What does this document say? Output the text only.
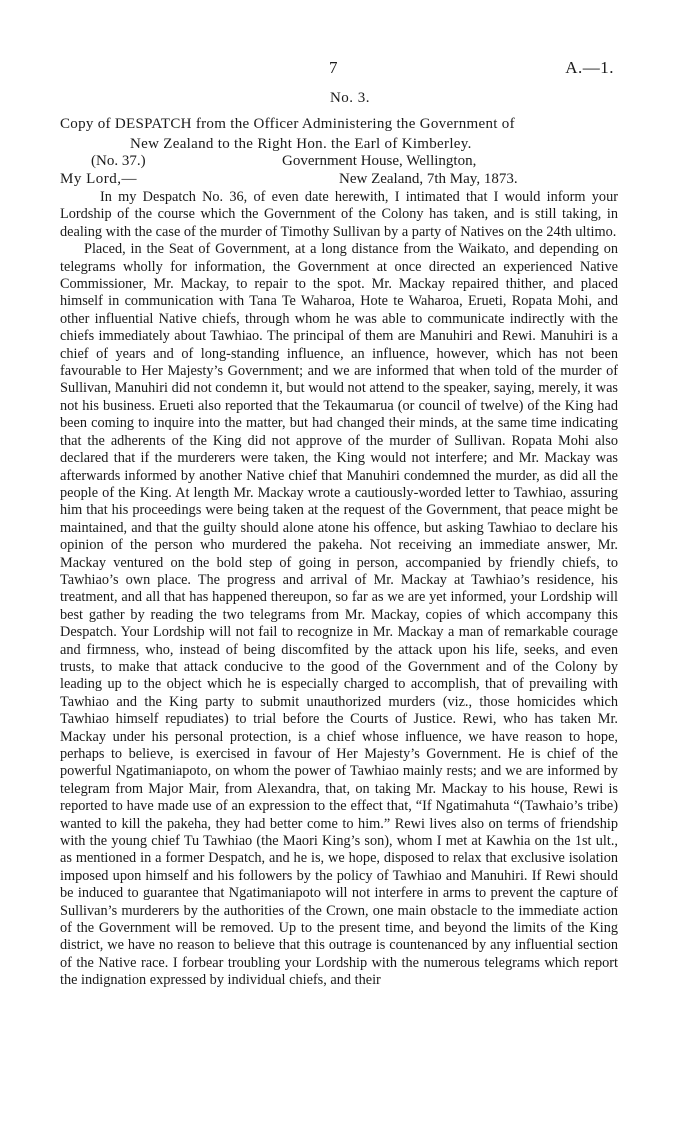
7	A.—1.
No. 3.
Copy of DESPATCH from the Officer Administering the Government of
New Zealand to the Right Hon. the Earl of Kimberley.
(No. 37.)	Government House, Wellington,
My Lord,—	New Zealand, 7th May, 1873.

In my Despatch No. 36, of even date herewith, I intimated that I would inform your Lordship of the course which the Government of the Colony has taken, and is still taking, in dealing with the case of the murder of Timothy Sullivan by a party of Natives on the 24th ultimo.

Placed, in the Seat of Government, at a long distance from the Waikato, and depending on telegrams wholly for information, the Government at once directed an experienced Native Commissioner, Mr. Mackay, to repair to the spot. Mr. Mackay repaired thither, and placed himself in communication with Tana Te Waharoa, Hote te Waharoa, Erueti, Ropata Mohi, and other influential Native chiefs, through whom he was able to communicate indirectly with the chiefs immediately about Tawhiao. The principal of them are Manuhiri and Rewi. Manuhiri is a chief of years and of long-standing influence, an influence, however, which has not been favourable to Her Majesty’s Government; and we are informed that when told of the murder of Sullivan, Manuhiri did not condemn it, but would not attend to the speaker, saying, merely, it was not his business. Erueti also reported that the Tekaumarua (or council of twelve) of the King had been coming to inquire into the matter, but had changed their minds, at the same time indicating that the adherents of the King did not approve of the murder of Sullivan. Ropata Mohi also declared that if the murderers were taken, the King would not interfere; and Mr. Mackay was afterwards informed by another Native chief that Manuhiri condemned the murder, as did all the people of the King. At length Mr. Mackay wrote a cautiously-worded letter to Tawhiao, assuring him that his proceedings were being taken at the request of the Government, that peace might be maintained, and that the guilty should alone atone his offence, but asking Tawhiao to declare his opinion of the person who murdered the pakeha. Not receiving an immediate answer, Mr. Mackay ventured on the bold step of going in person, accompanied by friendly chiefs, to Tawhiao’s own place. The progress and arrival of Mr. Mackay at Tawhiao’s residence, his treatment, and all that has happened thereupon, so far as we are yet informed, your Lordship will best gather by reading the two telegrams from Mr. Mackay, copies of which accompany this Despatch. Your Lordship will not fail to recognize in Mr. Mackay a man of remarkable courage and firmness, who, instead of being discomfited by the attack upon his life, seeks, and even trusts, to make that attack conducive to the good of the Government and of the Colony by leading up to the object which he is especially charged to accomplish, that of prevailing with Tawhiao and the King party to submit unauthorized murders (viz., those homicides which Tawhiao himself repudiates) to trial before the Courts of Justice. Rewi, who has taken Mr. Mackay under his personal protection, is a chief whose influence, we have reason to hope, perhaps to believe, is exercised in favour of Her Majesty’s Government. He is chief of the powerful Ngatimaniapoto, on whom the power of Tawhiao mainly rests; and we are informed by telegram from Major Mair, from Alexandra, that, on taking Mr. Mackay to his house, Rewi is reported to have made use of an expression to the effect that, “If Ngatimahuta “(Tawhaio’s tribe) wanted to kill the pakeha, they had better come to him.” Rewi lives also on terms of friendship with the young chief Tu Tawhiao (the Maori King’s son), whom I met at Kawhia on the 1st ult., as mentioned in a former Despatch, and he is, we hope, disposed to relax that exclusive isolation imposed upon himself and his followers by the policy of Tawhiao and Manuhiri. If Rewi should be induced to guarantee that Ngatimaniapoto will not interfere in arms to prevent the capture of Sullivan’s murderers by the authorities of the Crown, one main obstacle to the immediate action of the Government will be removed. Up to the present time, and beyond the limits of the King district, we have no reason to believe that this outrage is countenanced by any influential section of the Native race. I forbear troubling your Lordship with the numerous telegrams which report the indignation expressed by individual chiefs, and their
